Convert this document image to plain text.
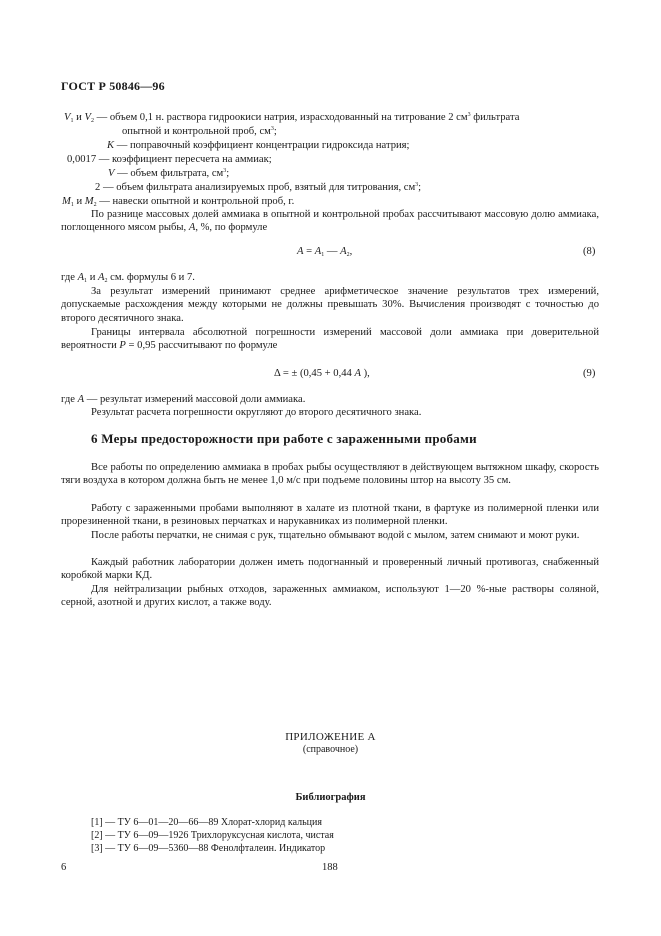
ГОСТ Р 50846—96
$V_1$ и $V_2$ — объем 0,1 н. раствора гидроокиси натрия, израсходованный на титрование 2 $см^3$ фильтрата
опытной и контрольной проб, $см^3$;
K — поправочный коэффициент концентрации гидроксида натрия;
0,0017 — коэффициент пересчета на аммиак;
V — объем фильтрата, $см^3$;
2 — объем фильтрата анализируемых проб, взятый для титрования, $см^3$;
$M_1$ и $M_2$ — навески опытной и контрольной проб, г.
По разнице массовых долей аммиака в опытной и контрольной пробах рассчитывают массовую долю аммиака, поглощенного мясом рыбы, A, %, по формуле
$A = A_1$ — $A_2$,	(8)
где $A_1$ и $A_2$ см. формулы 6 и 7.
За результат измерений принимают среднее арифметическое значение результатов трех измерений, допускаемые расхождения между которыми не должны превышать 30%. Вычисления производят с точностью до второго десятичного знака.
Границы интервала абсолютной погрешности измерений массовой доли аммиака при доверительной вероятности P = 0,95 рассчитывают по формуле
Δ = ± (0,45 + 0,44 A ),	(9)
где A — результат измерений массовой доли аммиака.
Результат расчета погрешности округляют до второго десятичного знака.
6 Меры предосторожности при работе с зараженными пробами
Все работы по определению аммиака в пробах рыбы осуществляют в действующем вытяжном шкафу, скорость тяги воздуха в котором должна быть не менее 1,0 м/с при подъеме половины штор на высоту 35 см.
Работу с зараженными пробами выполняют в халате из плотной ткани, в фартуке из полимерной пленки или прорезиненной ткани, в резиновых перчатках и нарукавниках из полимерной пленки.
После работы перчатки, не снимая с рук, тщательно обмывают водой с мылом, затем снимают и моют руки.
Каждый работник лаборатории должен иметь подогнанный и проверенный личный противогаз, снабженный коробкой марки КД.
Для нейтрализации рыбных отходов, зараженных аммиаком, используют 1—20 %-ные растворы соляной, серной, азотной и других кислот, а также воду.
ПРИЛОЖЕНИЕ А
(справочное)
Библиография
[1] — ТУ 6—01—20—66—89 Хлорат-хлорид кальция
[2] — ТУ 6—09—1926 Трихлоруксусная кислота, чистая
[3] — ТУ 6—09—5360—88 Фенолфталеин. Индикатор
6	188
